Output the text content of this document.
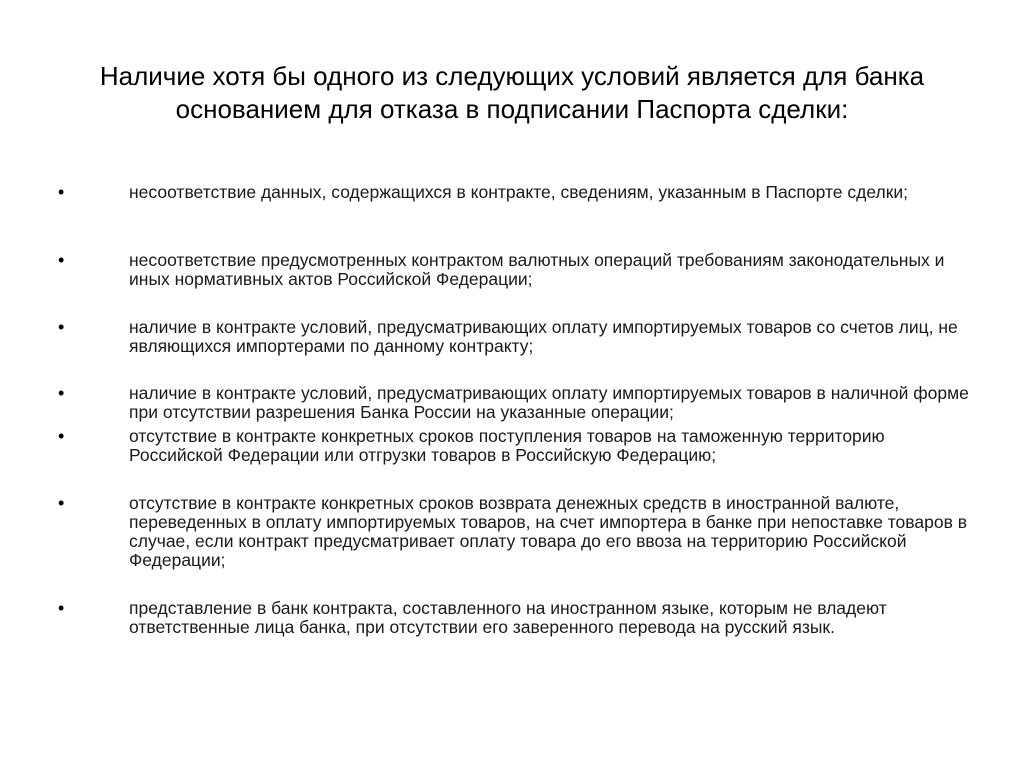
Наличие хотя бы одного из следующих условий является для банка основанием для отказа в подписании Паспорта сделки:
•	несоответствие данных, содержащихся в контракте, сведениям, указанным в Паспорте сделки;
•	несоответствие предусмотренных контрактом валютных операций требованиям законодательных и иных нормативных актов Российской Федерации;
•	наличие в контракте условий, предусматривающих оплату импортируемых товаров со счетов лиц, не являющихся импортерами по данному контракту;
•	наличие в контракте условий, предусматривающих оплату импортируемых товаров в наличной форме при отсутствии разрешения Банка России на указанные операции;
•	отсутствие в контракте конкретных сроков поступления товаров на таможенную территорию Российской Федерации или отгрузки товаров в Российскую Федерацию;
•	отсутствие в контракте конкретных сроков возврата денежных средств в иностранной валюте, переведенных в оплату импортируемых товаров, на счет импортера в банке при непоставке товаров в случае, если контракт предусматривает оплату товара до его ввоза на территорию Российской Федерации;
•	представление в банк контракта, составленного на иностранном языке, которым не владеют ответственные лица банка, при отсутствии его заверенного перевода на русский язык.
